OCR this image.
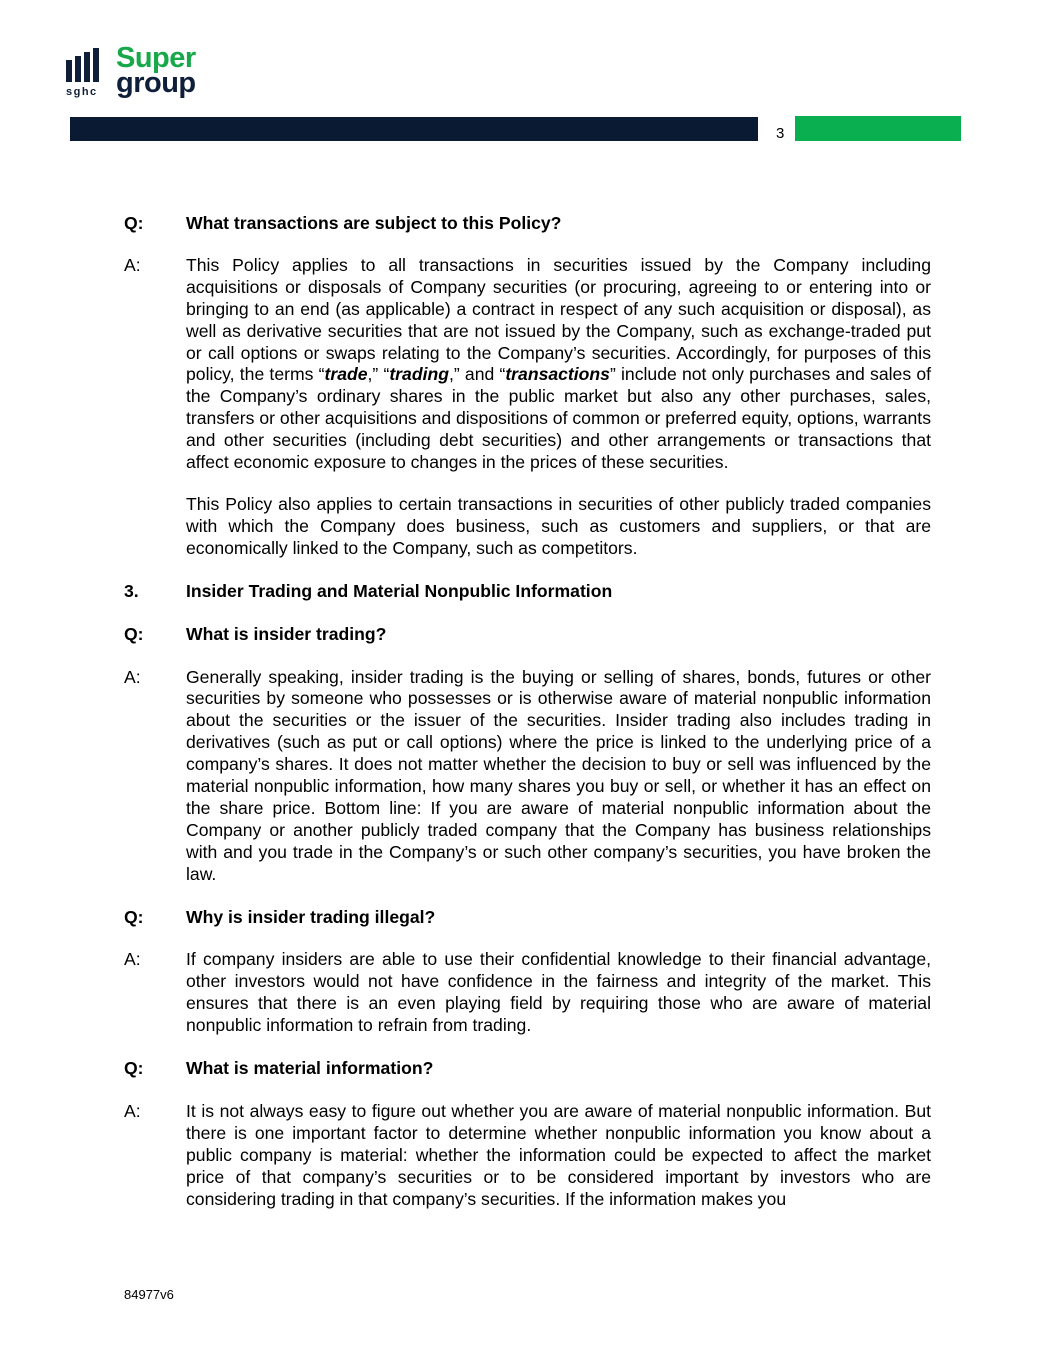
sghc
Super
group
3
Q:	What transactions are subject to this Policy?
A:	This Policy applies to all transactions in securities issued by the Company including acquisitions or disposals of Company securities (or procuring, agreeing to or entering into or bringing to an end (as applicable) a contract in respect of any such acquisition or disposal), as well as derivative securities that are not issued by the Company, such as exchange-traded put or call options or swaps relating to the Company’s securities. Accordingly, for purposes of this policy, the terms “trade,” “trading,” and “transactions” include not only purchases and sales of the Company’s ordinary shares in the public market but also any other purchases, sales, transfers or other acquisitions and dispositions of common or preferred equity, options, warrants and other securities (including debt securities) and other arrangements or transactions that affect economic exposure to changes in the prices of these securities.
This Policy also applies to certain transactions in securities of other publicly traded companies with which the Company does business, such as customers and suppliers, or that are economically linked to the Company, such as competitors.
3.	Insider Trading and Material Nonpublic Information
Q:	What is insider trading?
A:	Generally speaking, insider trading is the buying or selling of shares, bonds, futures or other securities by someone who possesses or is otherwise aware of material nonpublic information about the securities or the issuer of the securities. Insider trading also includes trading in derivatives (such as put or call options) where the price is linked to the underlying price of a company’s shares. It does not matter whether the decision to buy or sell was influenced by the material nonpublic information, how many shares you buy or sell, or whether it has an effect on the share price. Bottom line: If you are aware of material nonpublic information about the Company or another publicly traded company that the Company has business relationships with and you trade in the Company’s or such other company’s securities, you have broken the law.
Q:	Why is insider trading illegal?
A:	If company insiders are able to use their confidential knowledge to their financial advantage, other investors would not have confidence in the fairness and integrity of the market. This ensures that there is an even playing field by requiring those who are aware of material nonpublic information to refrain from trading.
Q:	What is material information?
A:	It is not always easy to figure out whether you are aware of material nonpublic information. But there is one important factor to determine whether nonpublic information you know about a public company is material: whether the information could be expected to affect the market price of that company’s securities or to be considered important by investors who are considering trading in that company’s securities. If the information makes you
84977v6
